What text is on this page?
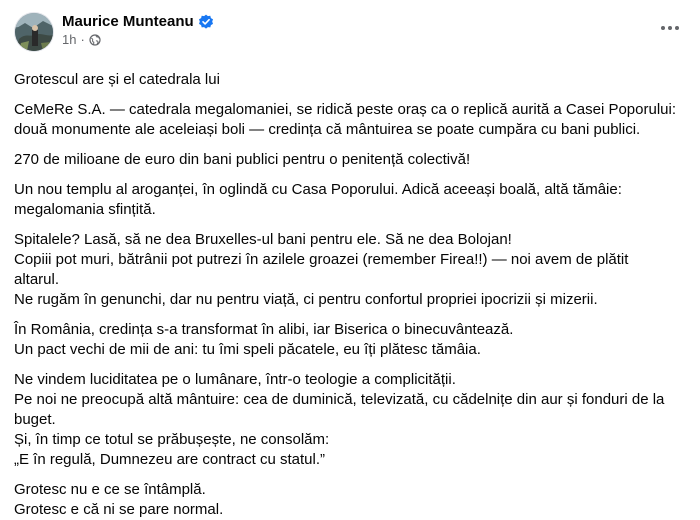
Maurice Munteanu
1h ·

Grotescul are și el catedrala lui

CeMeRe S.A. — catedrala megalomaniei, se ridică peste oraș ca o replică aurită a Casei Poporului:
două monumente ale aceleiași boli — credința că mântuirea se poate cumpăra cu bani publici.

270 de milioane de euro din bani publici pentru o penitență colectivă!

Un nou templu al aroganței, în oglindă cu Casa Poporului. Adică aceeași boală, altă tămâie:
megalomania sfințită.

Spitalele? Lasă, să ne dea Bruxelles-ul bani pentru ele. Să ne dea Bolojan!
Copiii pot muri, bătrânii pot putrezi în azilele groazei (remember Firea!!) — noi avem de plătit
altarul.
Ne rugăm în genunchi, dar nu pentru viață, ci pentru confortul propriei ipocrizii și mizerii.

În România, credința s-a transformat în alibi, iar Biserica o binecuvântează.
Un pact vechi de mii de ani: tu îmi speli păcatele, eu îți plătesc tămâia.

Ne vindem luciditatea pe o lumânare, într-o teologie a complicității.
Pe noi ne preocupă altă mântuire: cea de duminică, televizată, cu cădelnițe din aur și fonduri de la
buget.
Și, în timp ce totul se prăbușește, ne consolăm:
„E în regulă, Dumnezeu are contract cu statul.”

Grotesc nu e ce se întâmplă.
Grotesc e că ni se pare normal.
